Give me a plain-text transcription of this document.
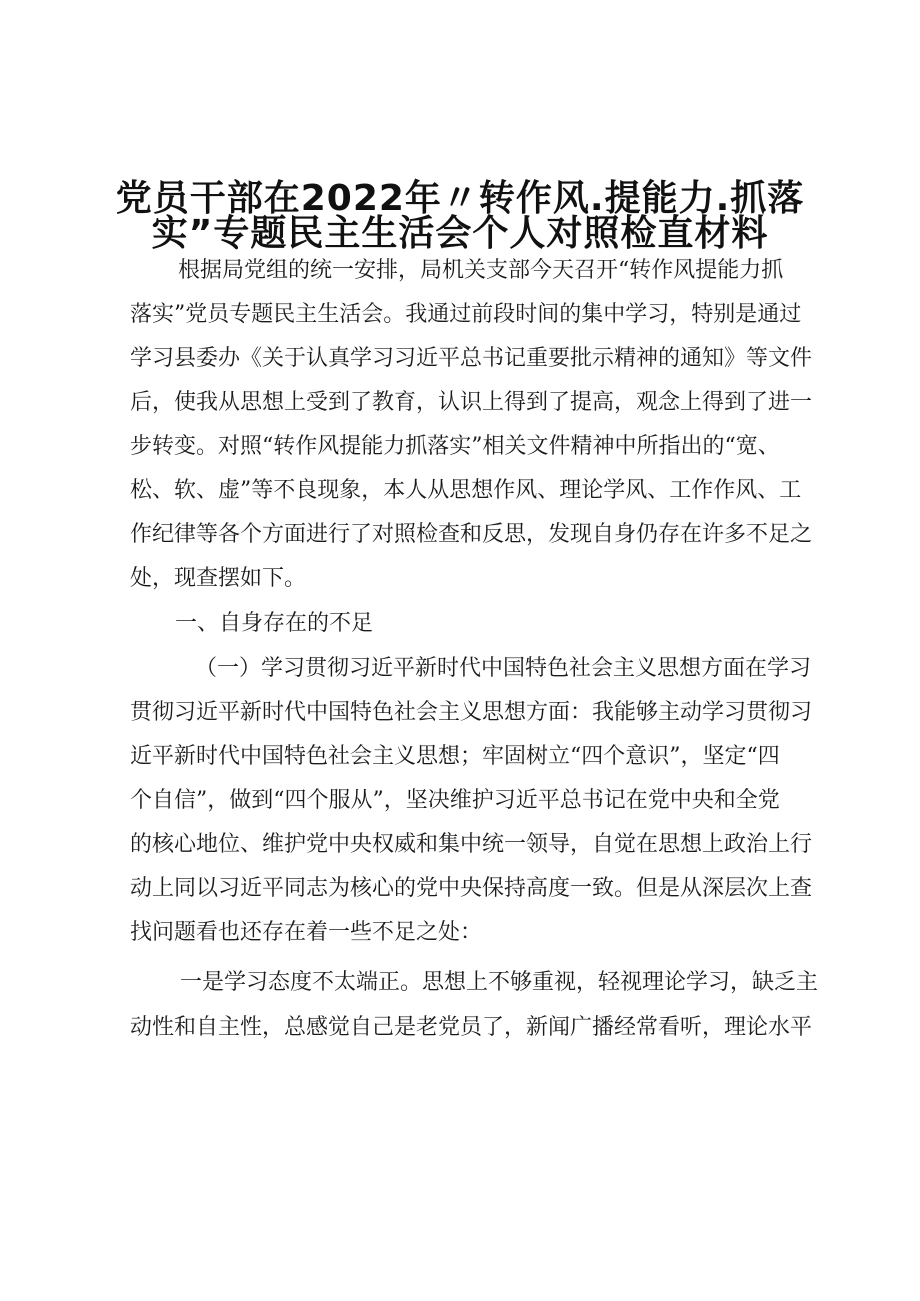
党员干部在2022年〃转作风.提能力.抓落
实”专题民主生活会个人对照检直材料
根据局党组的统一安排，局机关支部今天召开“转作风提能力抓
落实”党员专题民主生活会。我通过前段时间的集中学习，特别是通过
学习县委办《关于认真学习习近平总书记重要批示精神的通知》等文件
后，使我从思想上受到了教育，认识上得到了提高，观念上得到了进一
步转变。对照“转作风提能力抓落实”相关文件精神中所指出的“宽、
松、软、虚”等不良现象，本人从思想作风、理论学风、工作作风、工
作纪律等各个方面进行了对照检查和反思，发现自身仍存在许多不足之
处，现查摆如下。
一、自身存在的不足
（一）学习贯彻习近平新时代中国特色社会主义思想方面在学习
贯彻习近平新时代中国特色社会主义思想方面：我能够主动学习贯彻习
近平新时代中国特色社会主义思想；牢固树立“四个意识”，坚定“四
个自信”，做到“四个服从”，坚决维护习近平总书记在党中央和全党
的核心地位、维护党中央权威和集中统一领导，自觉在思想上政治上行
动上同以习近平同志为核心的党中央保持高度一致。但是从深层次上查
找问题看也还存在着一些不足之处：
一是学习态度不太端正。思想上不够重视，轻视理论学习，缺乏主
动性和自主性，总感觉自己是老党员了，新闻广播经常看听，理论水平
